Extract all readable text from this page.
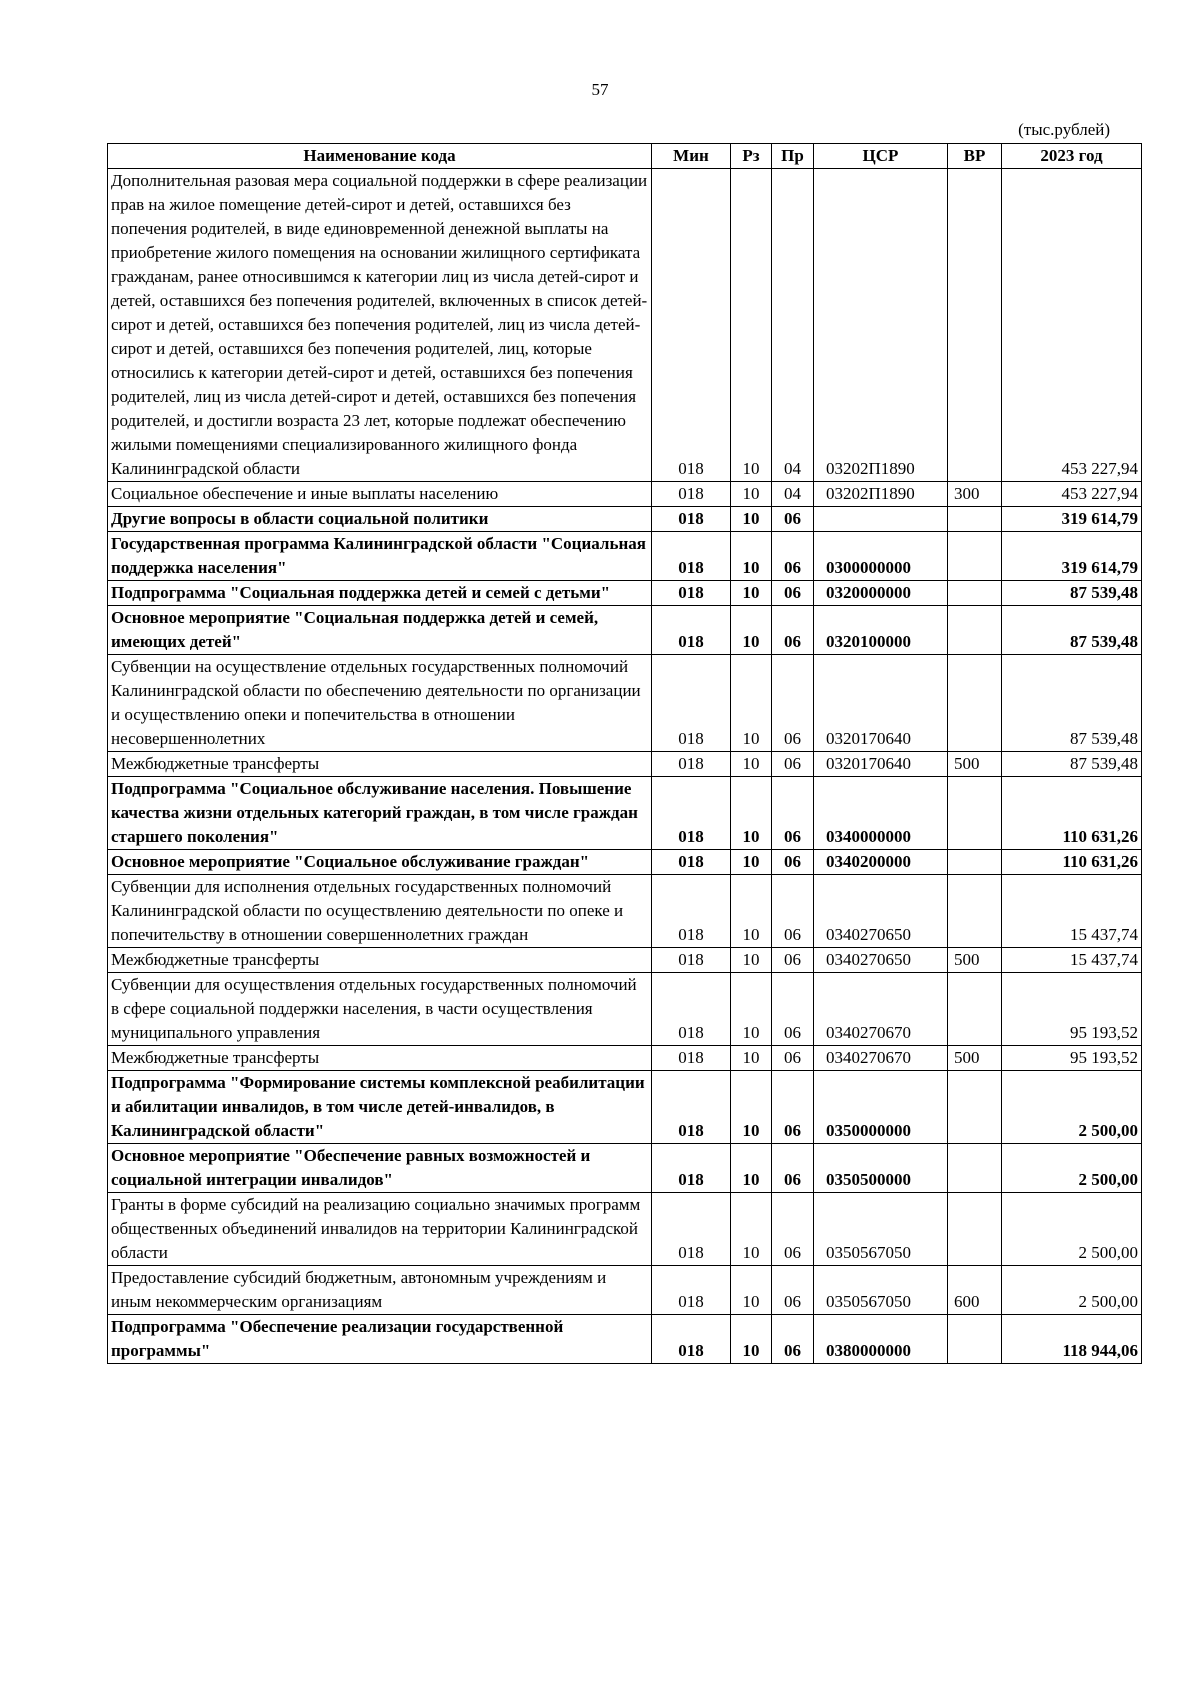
57
(тыс.рублей)
Наименование кода	Мин	Рз	Пр	ЦСР	ВР	2023 год
Дополнительная разовая мера социальной поддержки в сфере реализации прав на жилое помещение детей-сирот и детей, оставшихся без попечения родителей, в виде единовременной денежной выплаты на приобретение жилого помещения на основании жилищного сертификата гражданам, ранее относившимся к категории лиц из числа детей-сирот и детей, оставшихся без попечения родителей, включенных в список детей-сирот и детей, оставшихся без попечения родителей, лиц из числа детей-сирот и детей, оставшихся без попечения родителей, лиц, которые относились к категории детей-сирот и детей, оставшихся без попечения родителей, лиц из числа детей-сирот и детей, оставшихся без попечения родителей, и достигли возраста 23 лет, которые подлежат обеспечению жилыми помещениями специализированного жилищного фонда Калининградской области	018	10	04	03202П1890		453 227,94
Социальное обеспечение и иные выплаты населению	018	10	04	03202П1890	300	453 227,94
Другие вопросы в области социальной политики	018	10	06			319 614,79
Государственная программа Калининградской области "Социальная поддержка населения"	018	10	06	0300000000		319 614,79
Подпрограмма "Социальная поддержка детей и семей с детьми"	018	10	06	0320000000		87 539,48
Основное мероприятие "Социальная поддержка детей и семей, имеющих детей"	018	10	06	0320100000		87 539,48
Субвенции на осуществление отдельных государственных полномочий Калининградской области по обеспечению деятельности по организации и осуществлению опеки и попечительства в отношении несовершеннолетних	018	10	06	0320170640		87 539,48
Межбюджетные трансферты	018	10	06	0320170640	500	87 539,48
Подпрограмма "Социальное обслуживание населения. Повышение качества жизни отдельных категорий граждан, в том числе граждан старшего поколения"	018	10	06	0340000000		110 631,26
Основное мероприятие "Социальное обслуживание граждан"	018	10	06	0340200000		110 631,26
Субвенции для исполнения отдельных государственных полномочий Калининградской области по осуществлению деятельности по опеке и попечительству в отношении совершеннолетних граждан	018	10	06	0340270650		15 437,74
Межбюджетные трансферты	018	10	06	0340270650	500	15 437,74
Субвенции для осуществления отдельных государственных полномочий в сфере социальной поддержки населения, в части осуществления муниципального управления	018	10	06	0340270670		95 193,52
Межбюджетные трансферты	018	10	06	0340270670	500	95 193,52
Подпрограмма "Формирование системы комплексной реабилитации и абилитации инвалидов, в том числе детей-инвалидов, в Калининградской области"	018	10	06	0350000000		2 500,00
Основное мероприятие "Обеспечение равных возможностей и социальной интеграции инвалидов"	018	10	06	0350500000		2 500,00
Гранты в форме субсидий на реализацию социально значимых программ общественных объединений инвалидов на территории Калининградской области	018	10	06	0350567050		2 500,00
Предоставление субсидий бюджетным, автономным учреждениям и иным некоммерческим организациям	018	10	06	0350567050	600	2 500,00
Подпрограмма "Обеспечение реализации государственной программы"	018	10	06	0380000000		118 944,06
